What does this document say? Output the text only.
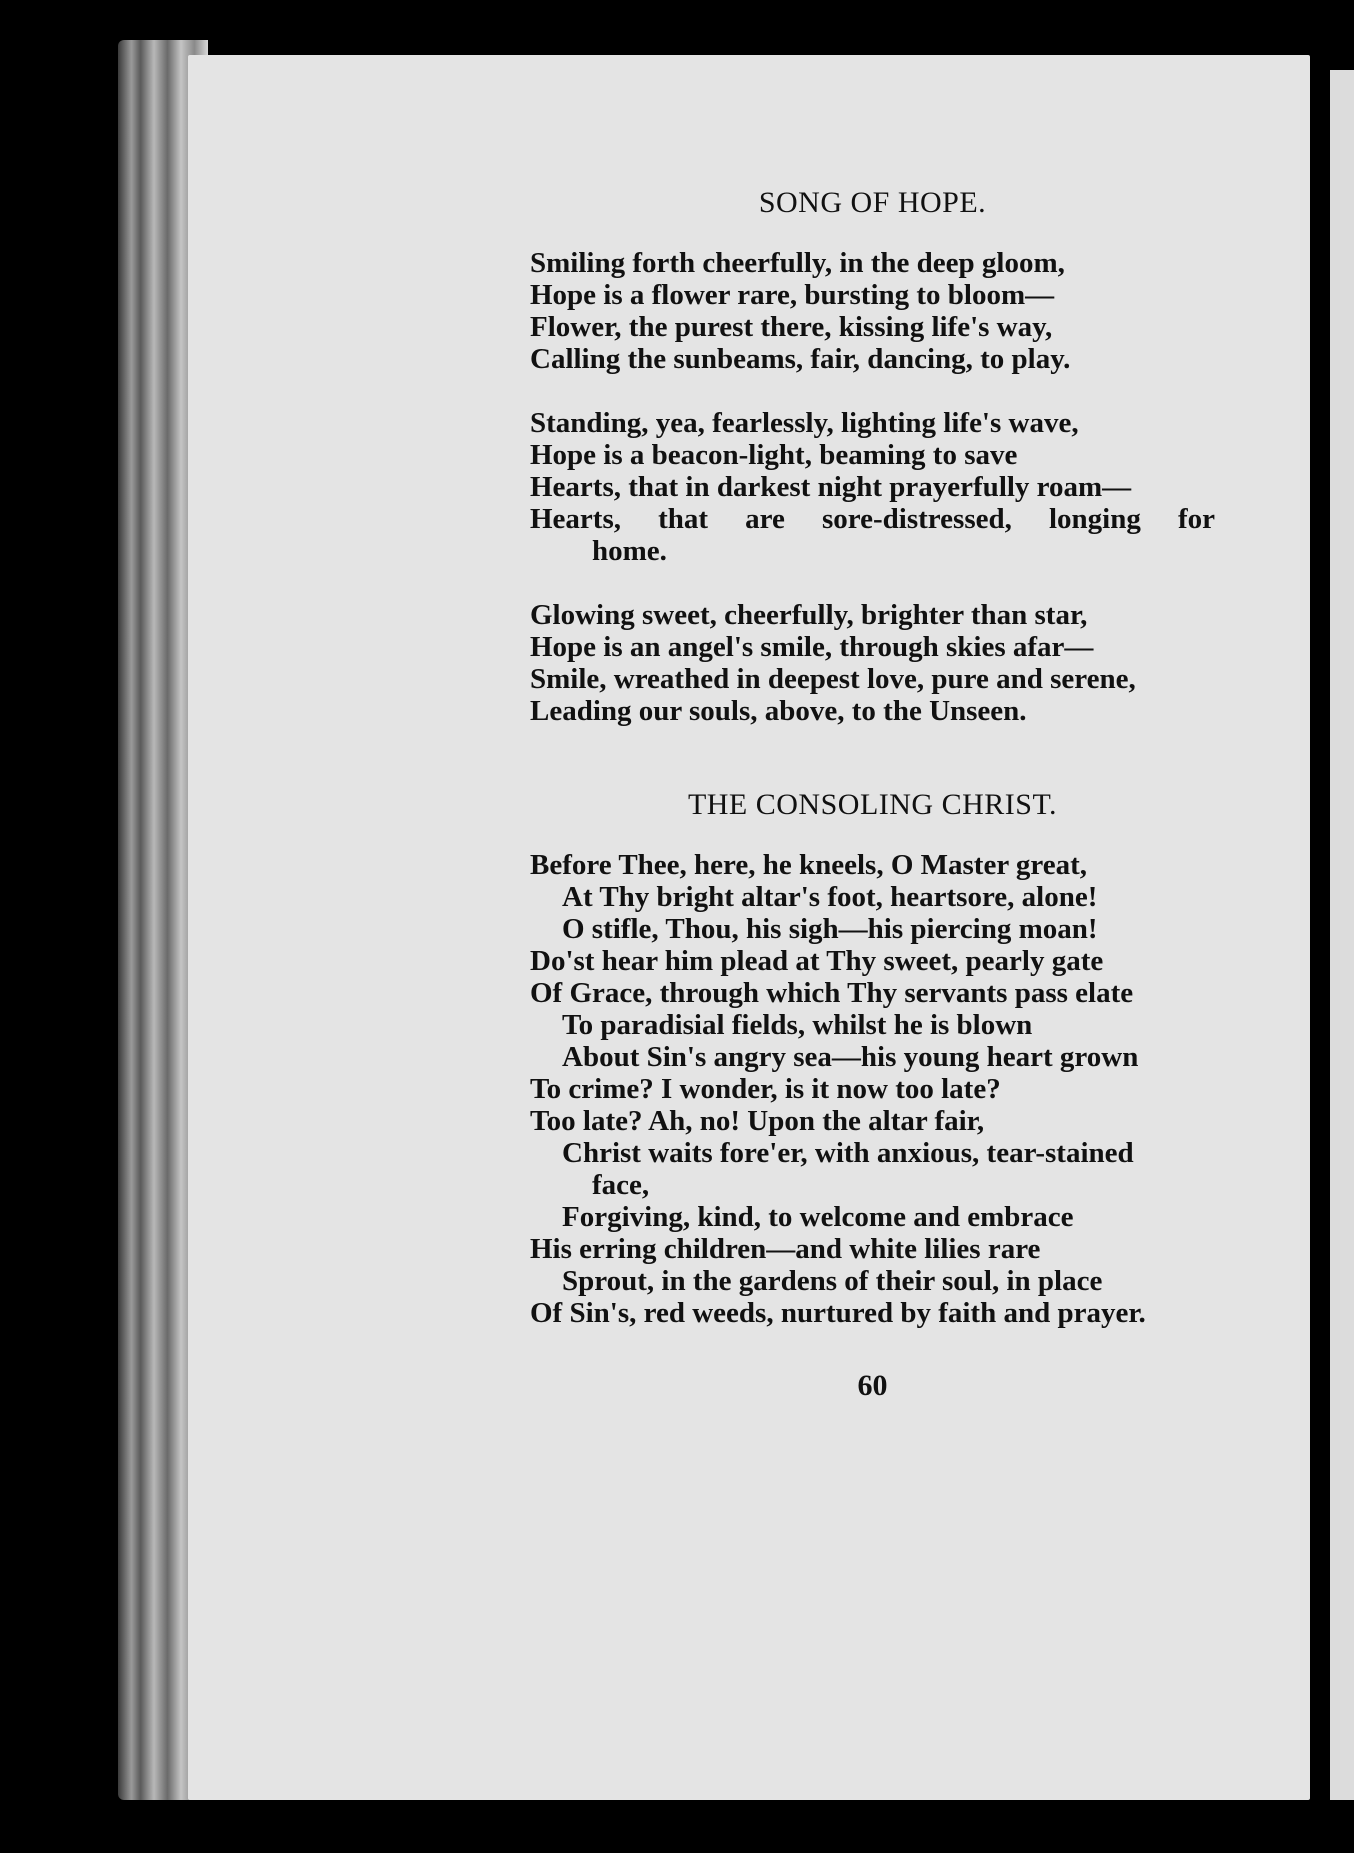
SONG OF HOPE.
Smiling forth cheerfully, in the deep gloom,
Hope is a flower rare, bursting to bloom—
Flower, the purest there, kissing life's way,
Calling the sunbeams, fair, dancing, to play.
Standing, yea, fearlessly, lighting life's wave,
Hope is a beacon-light, beaming to save
Hearts, that in darkest night prayerfully roam—
Hearts, that are sore-distressed, longing for
home.
Glowing sweet, cheerfully, brighter than star,
Hope is an angel's smile, through skies afar—
Smile, wreathed in deepest love, pure and serene,
Leading our souls, above, to the Unseen.
THE CONSOLING CHRIST.
Before Thee, here, he kneels, O Master great,
At Thy bright altar's foot, heartsore, alone!
O stifle, Thou, his sigh—his piercing moan!
Do'st hear him plead at Thy sweet, pearly gate
Of Grace, through which Thy servants pass elate
To paradisial fields, whilst he is blown
About Sin's angry sea—his young heart grown
To crime? I wonder, is it now too late?
Too late? Ah, no! Upon the altar fair,
Christ waits fore'er, with anxious, tear-stained
face,
Forgiving, kind, to welcome and embrace
His erring children—and white lilies rare
Sprout, in the gardens of their soul, in place
Of Sin's, red weeds, nurtured by faith and prayer.
60
